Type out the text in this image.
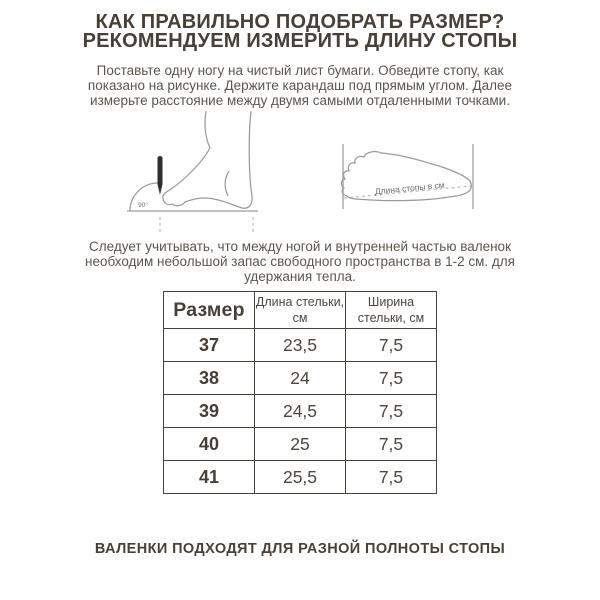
КАК ПРАВИЛЬНО ПОДОБРАТЬ РАЗМЕР?
РЕКОМЕНДУЕМ ИЗМЕРИТЬ ДЛИНУ СТОПЫ

Поставьте одну ногу на чистый лист бумаги. Обведите стопу, как показано на рисунке. Держите карандаш под прямым углом. Далее измерьте расстояние между двумя самыми отдаленными точками.

90°
Длина стопы в см

Следует учитывать, что между ногой и внутренней частью валенок необходим небольшой запас свободного пространства в 1-2 см. для удержания тепла.

Размер	Длина стельки, см	Ширина стельки, см
37	23,5	7,5
38	24	7,5
39	24,5	7,5
40	25	7,5
41	25,5	7,5

ВАЛЕНКИ ПОДХОДЯТ ДЛЯ РАЗНОЙ ПОЛНОТЫ СТОПЫ
